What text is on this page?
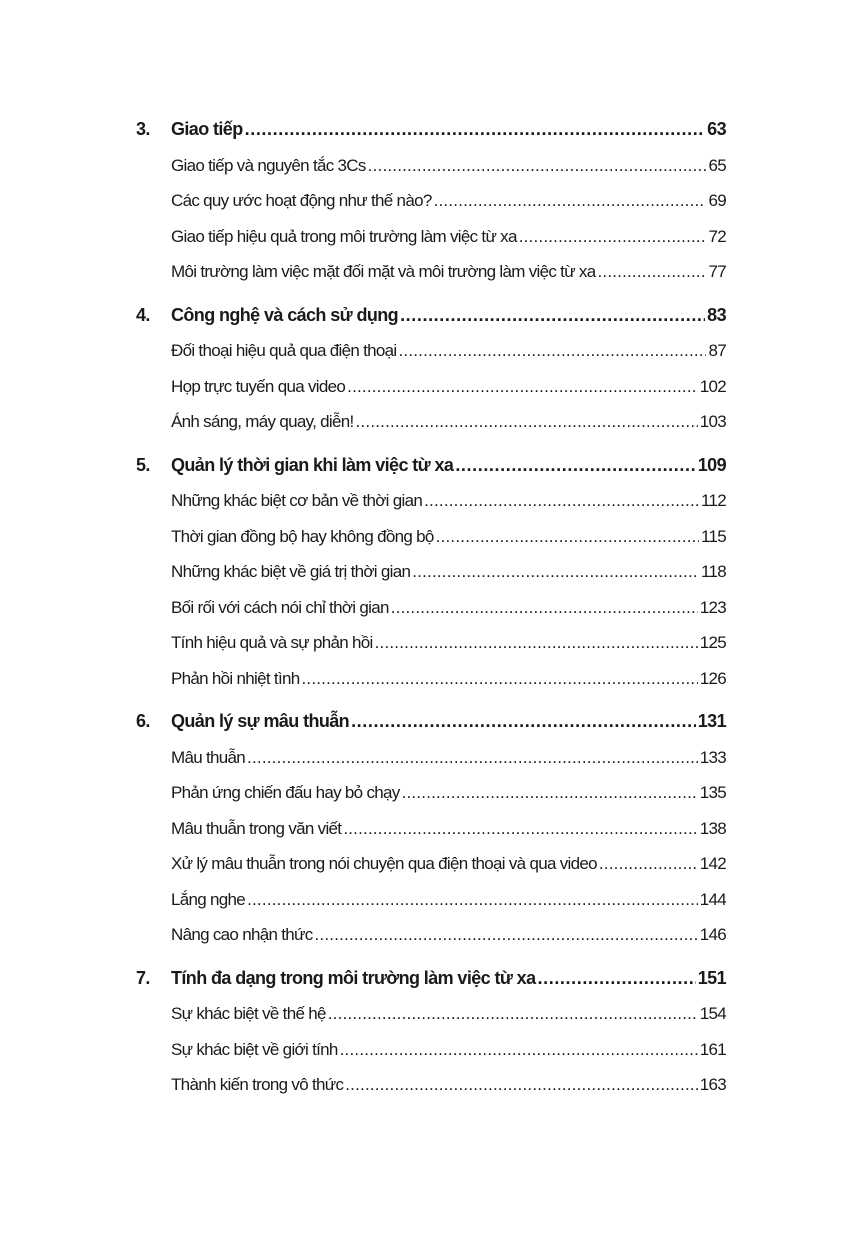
3.	Giao tiếp .....	63
Giao tiếp và nguyên tắc 3Cs .....	65
Các quy ước hoạt động như thế nào? .....	69
Giao tiếp hiệu quả trong môi trường làm việc từ xa .....	72
Môi trường làm việc mặt đối mặt và môi trường làm việc từ xa .....	77
4.	Công nghệ và cách sử dụng .....	83
Đối thoại hiệu quả qua điện thoại .....	87
Họp trực tuyến qua video .....	102
Ánh sáng, máy quay, diễn! .....	103
5.	Quản lý thời gian khi làm việc từ xa .....	109
Những khác biệt cơ bản về thời gian .....	112
Thời gian đồng bộ hay không đồng bộ .....	115
Những khác biệt về giá trị thời gian .....	118
Bối rối với cách nói chỉ thời gian .....	123
Tính hiệu quả và sự phản hồi .....	125
Phản hồi nhiệt tình .....	126
6.	Quản lý sự mâu thuẫn .....	131
Mâu thuẫn .....	133
Phản ứng chiến đấu hay bỏ chạy .....	135
Mâu thuẫn trong văn viết .....	138
Xử lý mâu thuẫn trong nói chuyện qua điện thoại và qua video .....	142
Lắng nghe .....	144
Nâng cao nhận thức .....	146
7.	Tính đa dạng trong môi trường làm việc từ xa .....	151
Sự khác biệt về thế hệ .....	154
Sự khác biệt về giới tính .....	161
Thành kiến trong vô thức .....	163
